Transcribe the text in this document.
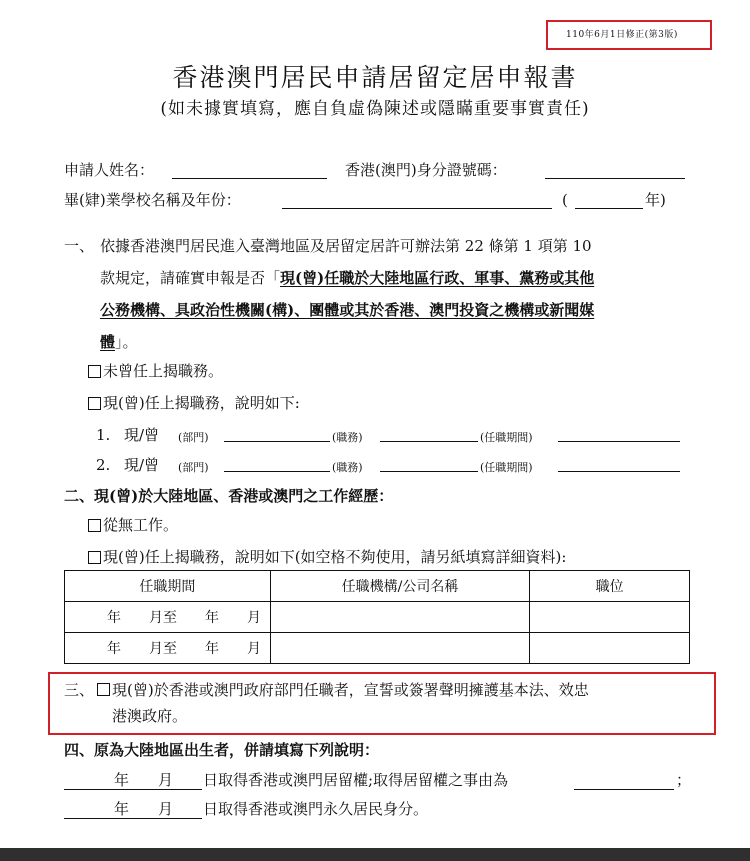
110年6月1日修正(第3版)
香港澳門居民申請居留定居申報書
(如未據實填寫，應自負虛偽陳述或隱瞞重要事實責任)
申請人姓名：	香港(澳門)身分證號碼：
畢(肄)業學校名稱及年份：	(	年)
一、 依據香港澳門居民進入臺灣地區及居留定居許可辦法第 22 條第 1 項第 10
款規定，請確實申報是否「現(曾)任職於大陸地區行政、軍事、黨務或其他
公務機構、具政治性機關(構)、團體或其於香港、澳門投資之機構或新聞媒
體」。
未曾任上揭職務。
現(曾)任上揭職務，說明如下:
1. 現/曾 (部門)	(職務)	(任職期間)
2. 現/曾 (部門)	(職務)	(任職期間)
二、現(曾)於大陸地區、香港或澳門之工作經歷：
從無工作。
現(曾)任上揭職務，說明如下(如空格不夠使用，請另紙填寫詳細資料):
任職期間	任職機構/公司名稱	職位
年　　月至　　年　　月		
年　　月至　　年　　月		
三、 現(曾)於香港或澳門政府部門任職者，宣誓或簽署聲明擁護基本法、效忠
港澳政府。
四、原為大陸地區出生者，併請填寫下列說明：
年 月 日取得香港或澳門居留權;取得居留權之事由為	；
年 月 日取得香港或澳門永久居民身分。
